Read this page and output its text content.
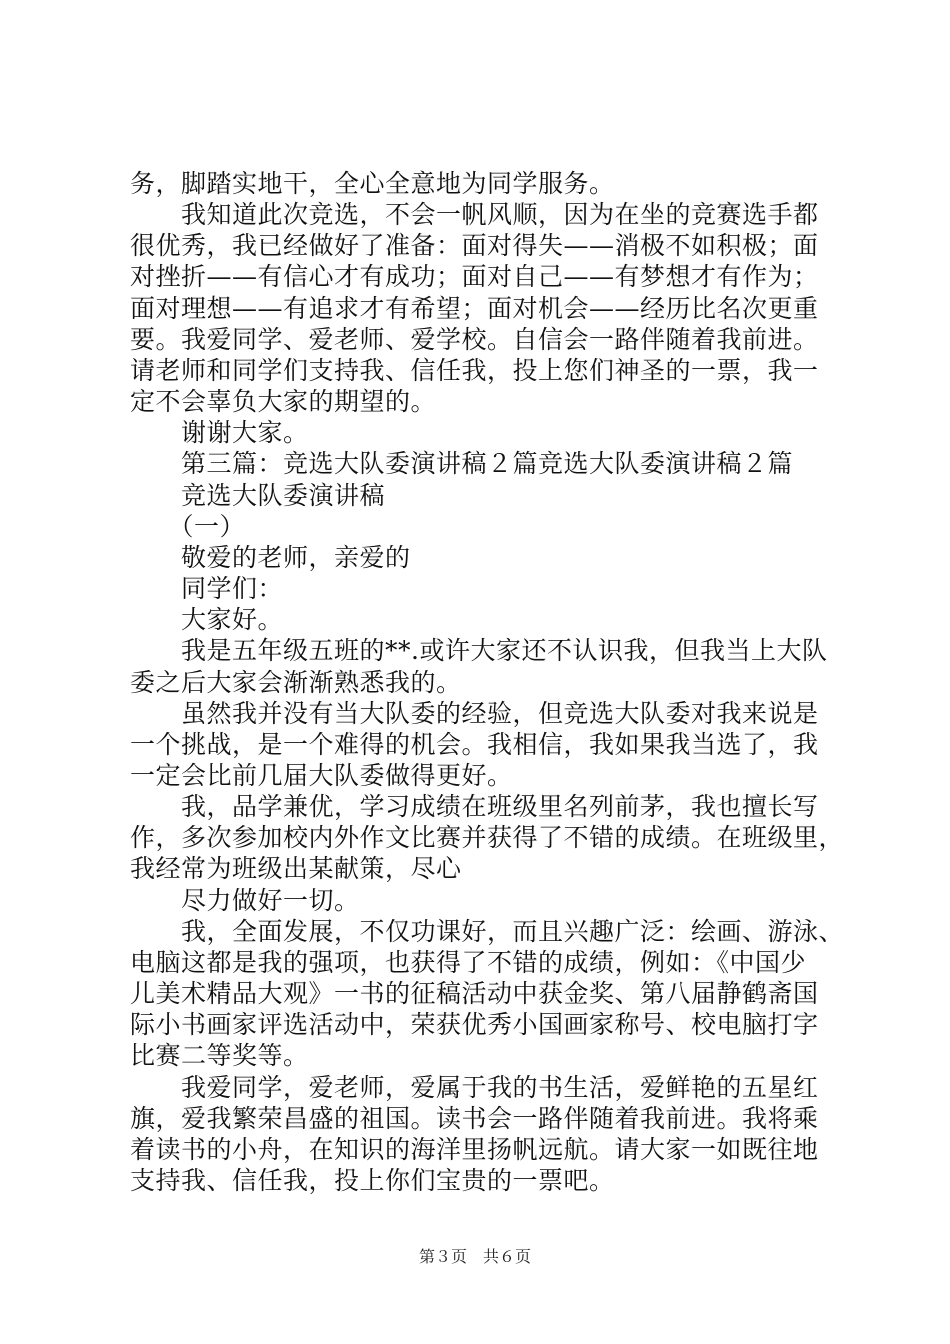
务，脚踏实地干，全心全意地为同学服务。
　　我知道此次竞选，不会一帆风顺，因为在坐的竞赛选手都
很优秀，我已经做好了准备：面对得失——消极不如积极；面
对挫折——有信心才有成功；面对自己——有梦想才有作为；
面对理想——有追求才有希望；面对机会——经历比名次更重
要。我爱同学、爱老师、爱学校。自信会一路伴随着我前进。
请老师和同学们支持我、信任我，投上您们神圣的一票，我一
定不会辜负大家的期望的。
　　谢谢大家。
　　第三篇：竞选大队委演讲稿２篇竞选大队委演讲稿２篇
　　竞选大队委演讲稿
　　（一）
　　敬爱的老师，亲爱的
　　同学们：
　　大家好。
　　我是五年级五班的**.或许大家还不认识我，但我当上大队
委之后大家会渐渐熟悉我的。
　　虽然我并没有当大队委的经验，但竞选大队委对我来说是
一个挑战，是一个难得的机会。我相信，我如果我当选了，我
一定会比前几届大队委做得更好。
　　我，品学兼优，学习成绩在班级里名列前茅，我也擅长写
作，多次参加校内外作文比赛并获得了不错的成绩。在班级里，
我经常为班级出某献策，尽心
　　尽力做好一切。
　　我，全面发展，不仅功课好，而且兴趣广泛：绘画、游泳、
电脑这都是我的强项，也获得了不错的成绩，例如：《中国少
儿美术精品大观》一书的征稿活动中获金奖、第八届静鹤斋国
际小书画家评选活动中，荣获优秀小国画家称号、校电脑打字
比赛二等奖等。
　　我爱同学，爱老师，爱属于我的书生活，爱鲜艳的五星红
旗，爱我繁荣昌盛的祖国。读书会一路伴随着我前进。我将乘
着读书的小舟，在知识的海洋里扬帆远航。请大家一如既往地
支持我、信任我，投上你们宝贵的一票吧。
第３页　共６页
